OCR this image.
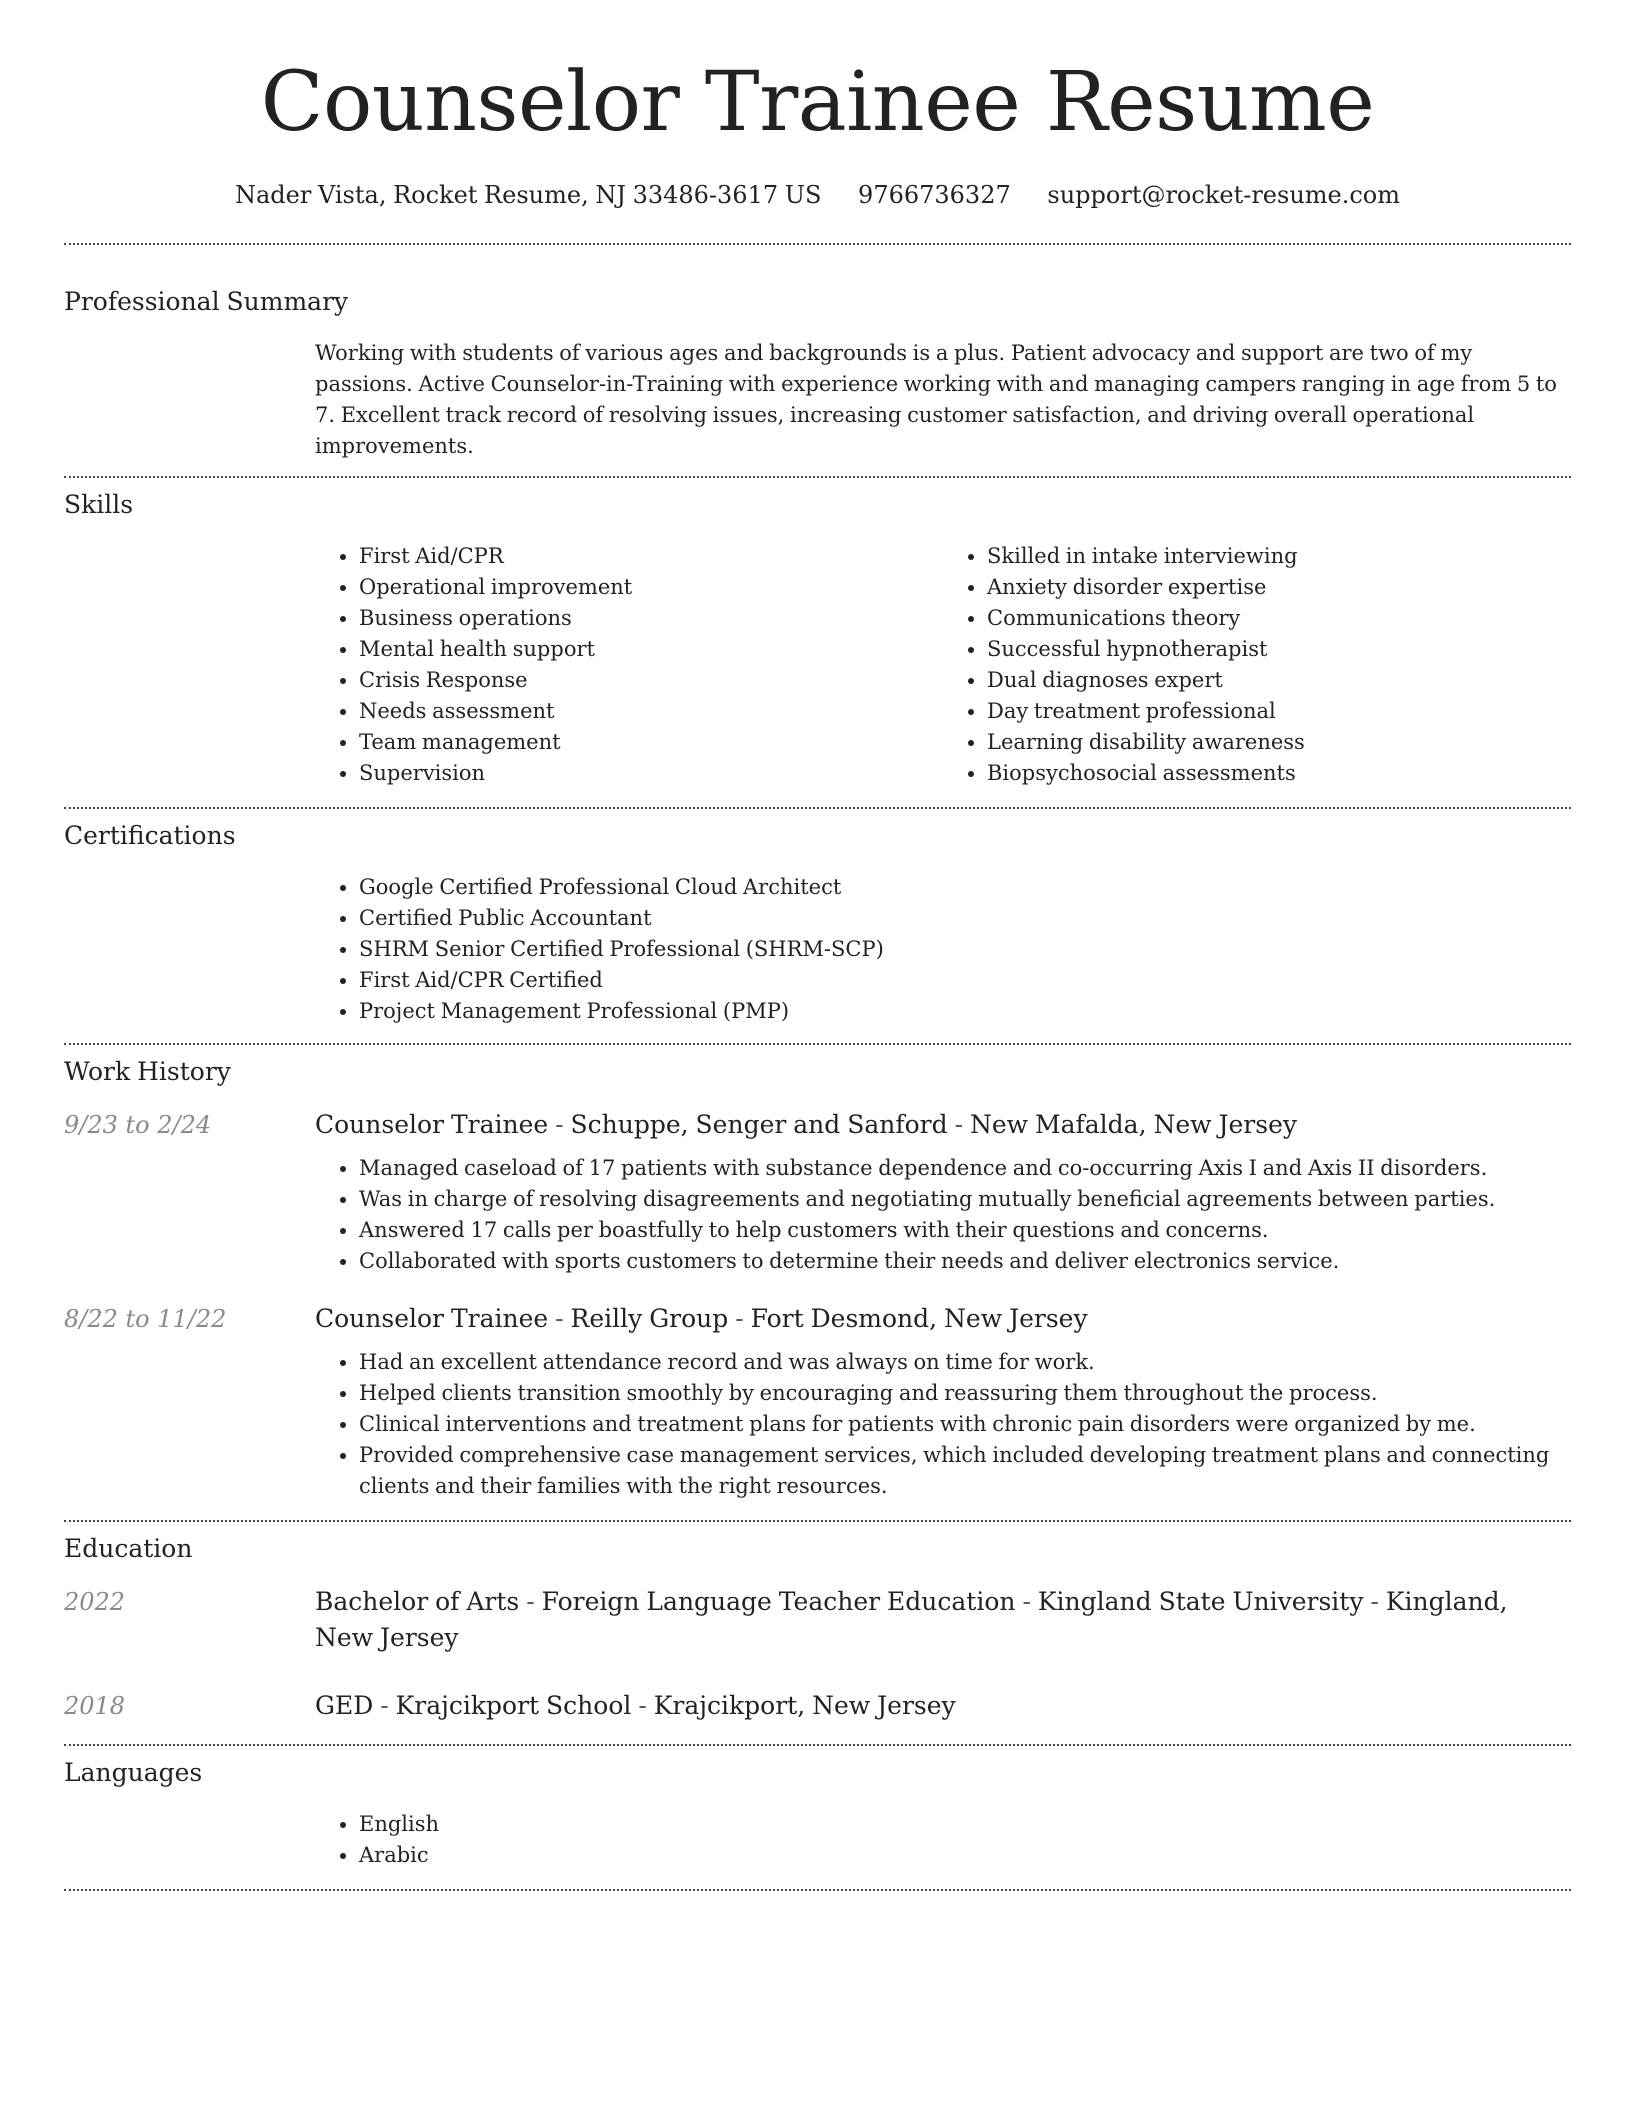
Counselor Trainee Resume
Nader Vista, Rocket Resume, NJ 33486-3617 US 9766736327 support@rocket-resume.com
Professional Summary

Working with students of various ages and backgrounds is a plus. Patient advocacy and support are two of my passions. Active Counselor-in-Training with experience working with and managing campers ranging in age from 5 to 7. Excellent track record of resolving issues, increasing customer satisfaction, and driving overall operational improvements.

Skills
• First Aid/CPR
• Operational improvement
• Business operations
• Mental health support
• Crisis Response
• Needs assessment
• Team management
• Supervision
• Skilled in intake interviewing
• Anxiety disorder expertise
• Communications theory
• Successful hypnotherapist
• Dual diagnoses expert
• Day treatment professional
• Learning disability awareness
• Biopsychosocial assessments
Certifications
• Google Certified Professional Cloud Architect
• Certified Public Accountant
• SHRM Senior Certified Professional (SHRM-SCP)
• First Aid/CPR Certified
• Project Management Professional (PMP)
Work History
9/23 to 2/24	Counselor Trainee - Schuppe, Senger and Sanford - New Mafalda, New Jersey
• Managed caseload of 17 patients with substance dependence and co-occurring Axis I and Axis II disorders.
• Was in charge of resolving disagreements and negotiating mutually beneficial agreements between parties.
• Answered 17 calls per boastfully to help customers with their questions and concerns.
• Collaborated with sports customers to determine their needs and deliver electronics service.
8/22 to 11/22	Counselor Trainee - Reilly Group - Fort Desmond, New Jersey
• Had an excellent attendance record and was always on time for work.
• Helped clients transition smoothly by encouraging and reassuring them throughout the process.
• Clinical interventions and treatment plans for patients with chronic pain disorders were organized by me.
• Provided comprehensive case management services, which included developing treatment plans and connecting clients and their families with the right resources.
Education
2022	Bachelor of Arts - Foreign Language Teacher Education - Kingland State University - Kingland, New Jersey
2018	GED - Krajcikport School - Krajcikport, New Jersey
Languages
• English
• Arabic
